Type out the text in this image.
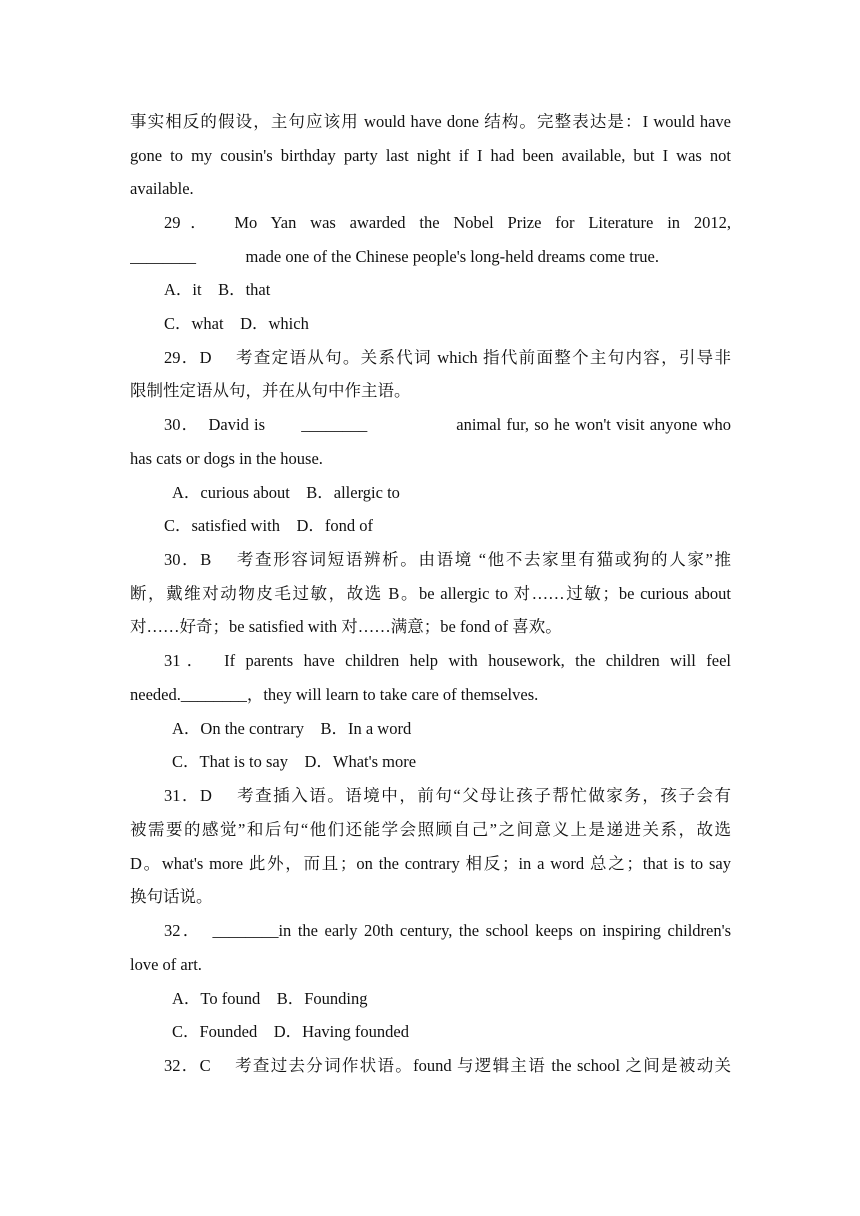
事实相反的假设，主句应该用 would have done 结构。完整表达是：I would have
gone to my cousin's birthday party last night if I had been available, but I was not
available.
29．　Mo Yan was awarded the Nobel Prize for Literature in 2012,
________　　　made one of the Chinese people's long-held dreams come true.
A．it　B．that
C．what　D．which
29．D　 考查定语从句。关系代词 which 指代前面整个主句内容，引导非
限制性定语从句，并在从句中作主语。
30．　David is　　________　　　　　animal fur, so he won't visit anyone who
has cats or dogs in the house.
A．curious about　B．allergic to
C．satisfied with　D．fond of
30．B　 考查形容词短语辨析。由语境 “他不去家里有猫或狗的人家”推
断，戴维对动物皮毛过敏，故选 B。be allergic to 对……过敏；be curious about
对……好奇；be satisfied with 对……满意；be fond of 喜欢。
31．　If parents have children help with housework, the children will feel
needed.________，they will learn to take care of themselves.
A．On the contrary　B．In a word
C．That is to say　D．What's more
31．D　 考查插入语。语境中，前句“父母让孩子帮忙做家务，孩子会有
被需要的感觉”和后句“他们还能学会照顾自己”之间意义上是递进关系，故选
D。what's more 此外，而且；on the contrary 相反；in a word 总之；that is to say
换句话说。
32．　________in the early 20th century, the school keeps on inspiring children's
love of art.
A．To found　B．Founding
C．Founded　D．Having founded
32．C　 考查过去分词作状语。found 与逻辑主语 the school 之间是被动关
